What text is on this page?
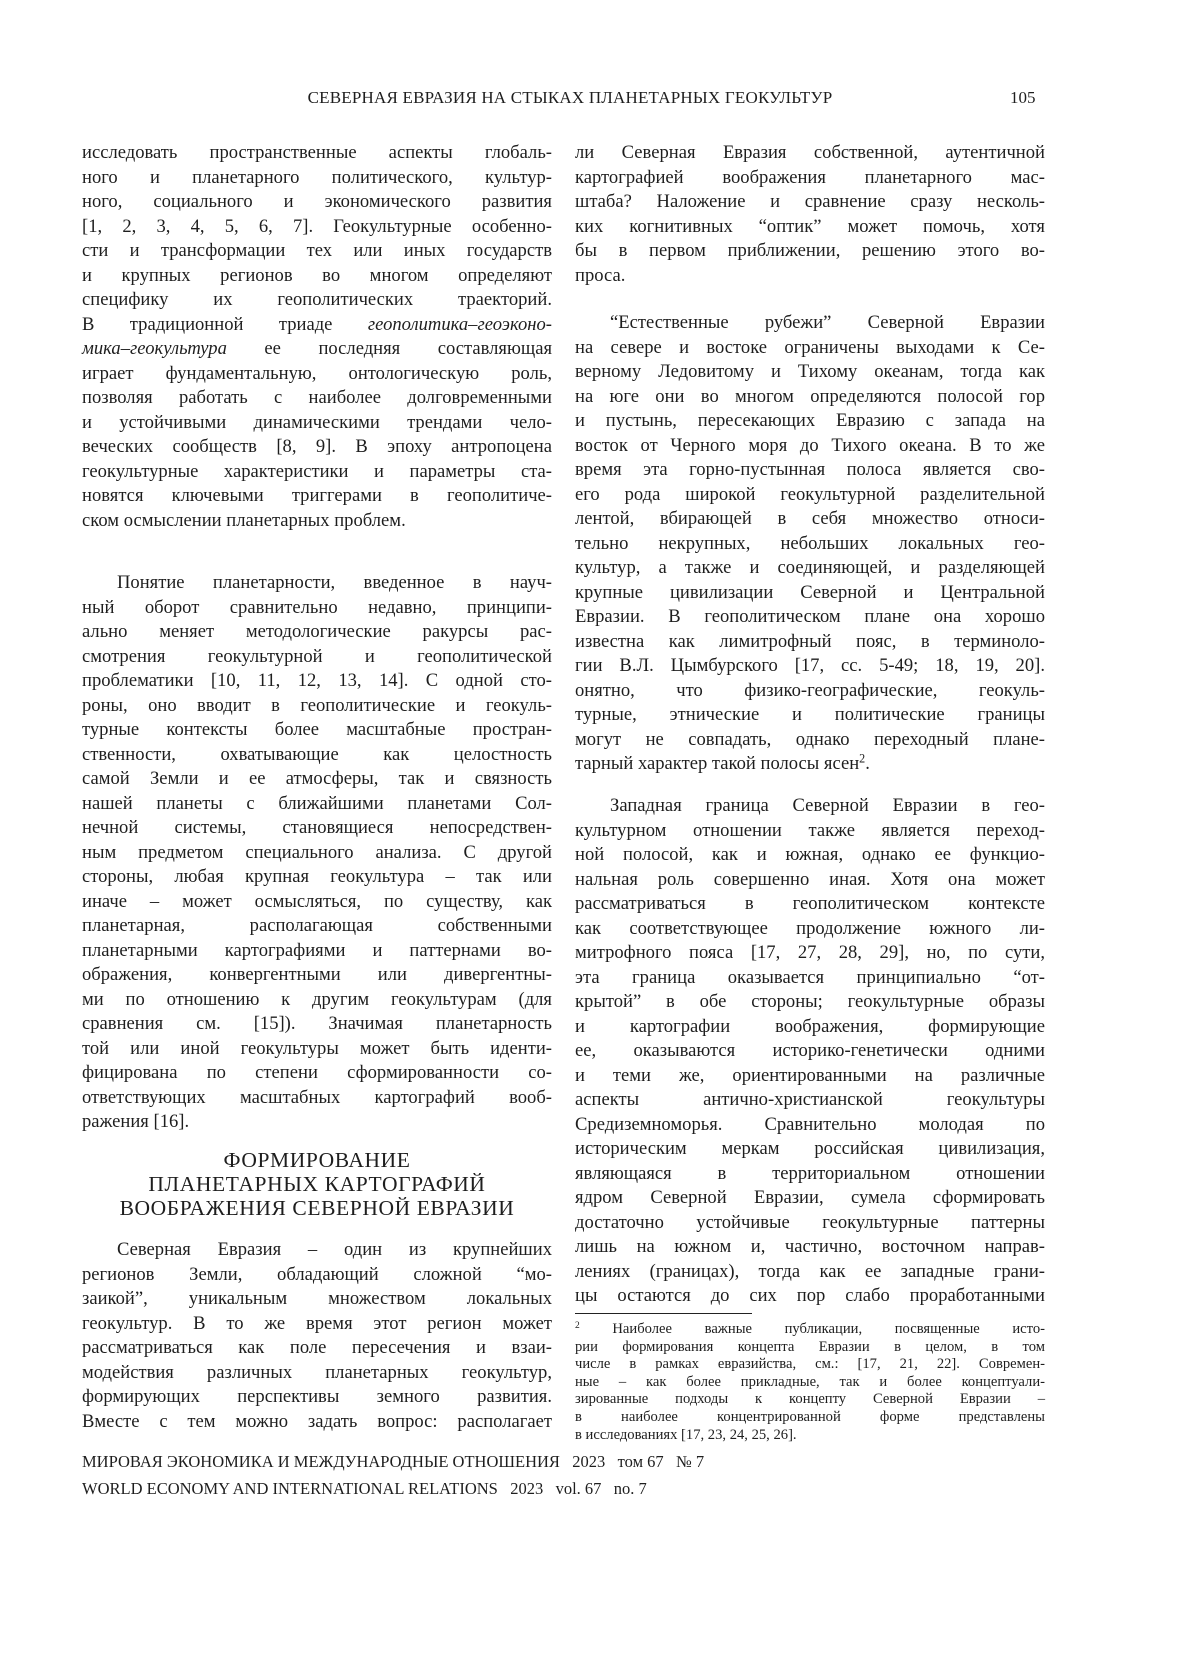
СЕВЕРНАЯ ЕВРАЗИЯ НА СТЫКАХ ПЛАНЕТАРНЫХ ГЕОКУЛЬТУР	105
исследовать пространственные аспекты глобаль-
ного и планетарного политического, культур-
ного, социального и экономического развития
[1, 2, 3, 4, 5, 6, 7]. Геокультурные особенно-
сти и трансформации тех или иных государств
и крупных регионов во многом определяют
специфику их геополитических траекторий.
В традиционной триаде геополитика–геоэконо-
мика–геокультура ее последняя составляющая
играет фундаментальную, онтологическую роль,
позволяя работать с наиболее долговременными
и устойчивыми динамическими трендами чело-
веческих сообществ [8, 9]. В эпоху антропоцена
геокультурные характеристики и параметры ста-
новятся ключевыми триггерами в геополитиче-
ском осмыслении планетарных проблем.
Понятие планетарности, введенное в науч-
ный оборот сравнительно недавно, принципи-
ально меняет методологические ракурсы рас-
смотрения геокультурной и геополитической
проблематики [10, 11, 12, 13, 14]. С одной сто-
роны, оно вводит в геополитические и геокуль-
турные контексты более масштабные простран-
ственности, охватывающие как целостность
самой Земли и ее атмосферы, так и связность
нашей планеты с ближайшими планетами Сол-
нечной системы, становящиеся непосредствен-
ным предметом специального анализа. С другой
стороны, любая крупная геокультура – так или
иначе – может осмысляться, по существу, как
планетарная, располагающая собственными
планетарными картографиями и паттернами во-
ображения, конвергентными или дивергентны-
ми по отношению к другим геокультурам (для
сравнения см. [15]). Значимая планетарность
той или иной геокультуры может быть иденти-
фицирована по степени сформированности со-
ответствующих масштабных картографий вооб-
ражения [16].
ФОРМИРОВАНИЕ
ПЛАНЕТАРНЫХ КАРТОГРАФИЙ
ВООБРАЖЕНИЯ СЕВЕРНОЙ ЕВРАЗИИ
Северная Евразия – один из крупнейших
регионов Земли, обладающий сложной “мо-
заикой”, уникальным множеством локальных
геокультур. В то же время этот регион может
рассматриваться как поле пересечения и взаи-
модействия различных планетарных геокультур,
формирующих перспективы земного развития.
Вместе с тем можно задать вопрос: располагает
ли Северная Евразия собственной, аутентичной
картографией воображения планетарного мас-
штаба? Наложение и сравнение сразу несколь-
ких когнитивных “оптик” может помочь, хотя
бы в первом приближении, решению этого во-
проса.
“Естественные рубежи” Северной Евразии
на севере и востоке ограничены выходами к Се-
верному Ледовитому и Тихому океанам, тогда как
на юге они во многом определяются полосой гор
и пустынь, пересекающих Евразию с запада на
восток от Черного моря до Тихого океана. В то же
время эта горно-пустынная полоса является сво-
его рода широкой геокультурной разделительной
лентой, вбирающей в себя множество относи-
тельно некрупных, небольших локальных гео-
культур, а также и соединяющей, и разделяющей
крупные цивилизации Северной и Центральной
Евразии. В геополитическом плане она хорошо
известна как лимитрофный пояс, в терминоло-
гии В.Л. Цымбурского [17, сс. 5-49; 18, 19, 20].
онятно, что физико-географические, геокуль-
турные, этнические и политические границы
могут не совпадать, однако переходный плане-
тарный характер такой полосы ясен2.
Западная граница Северной Евразии в гео-
культурном отношении также является переход-
ной полосой, как и южная, однако ее функцио-
нальная роль совершенно иная. Хотя она может
рассматриваться в геополитическом контексте
как соответствующее продолжение южного ли-
митрофного пояса [17, 27, 28, 29], но, по сути,
эта граница оказывается принципиально “от-
крытой” в обе стороны; геокультурные образы
и картографии воображения, формирующие
ее, оказываются историко-генетически одними
и теми же, ориентированными на различные
аспекты античнo-христианской геокультуры
Средиземноморья. Сравнительно молодая по
историческим меркам российская цивилизация,
являющаяся в территориальном отношении
ядром Северной Евразии, сумела сформировать
достаточно устойчивые геокультурные паттерны
лишь на южном и, частично, восточном направ-
лениях (границах), тогда как ее западные грани-
цы остаются до сих пор слабо проработанными
2 Наиболее важные публикации, посвященные исто-
рии формирования концепта Евразии в целом, в том
числе в рамках евразийства, см.: [17, 21, 22]. Современ-
ные – как более прикладные, так и более концептуали-
зированные подходы к концепту Северной Евразии –
в наиболее концентрированной форме представлены
в исследованиях [17, 23, 24, 25, 26].
МИРОВАЯ ЭКОНОМИКА И МЕЖДУНАРОДНЫЕ ОТНОШЕНИЯ   2023   том 67   № 7
WORLD ECONOMY AND INTERNATIONAL RELATIONS   2023   vol. 67   no. 7
